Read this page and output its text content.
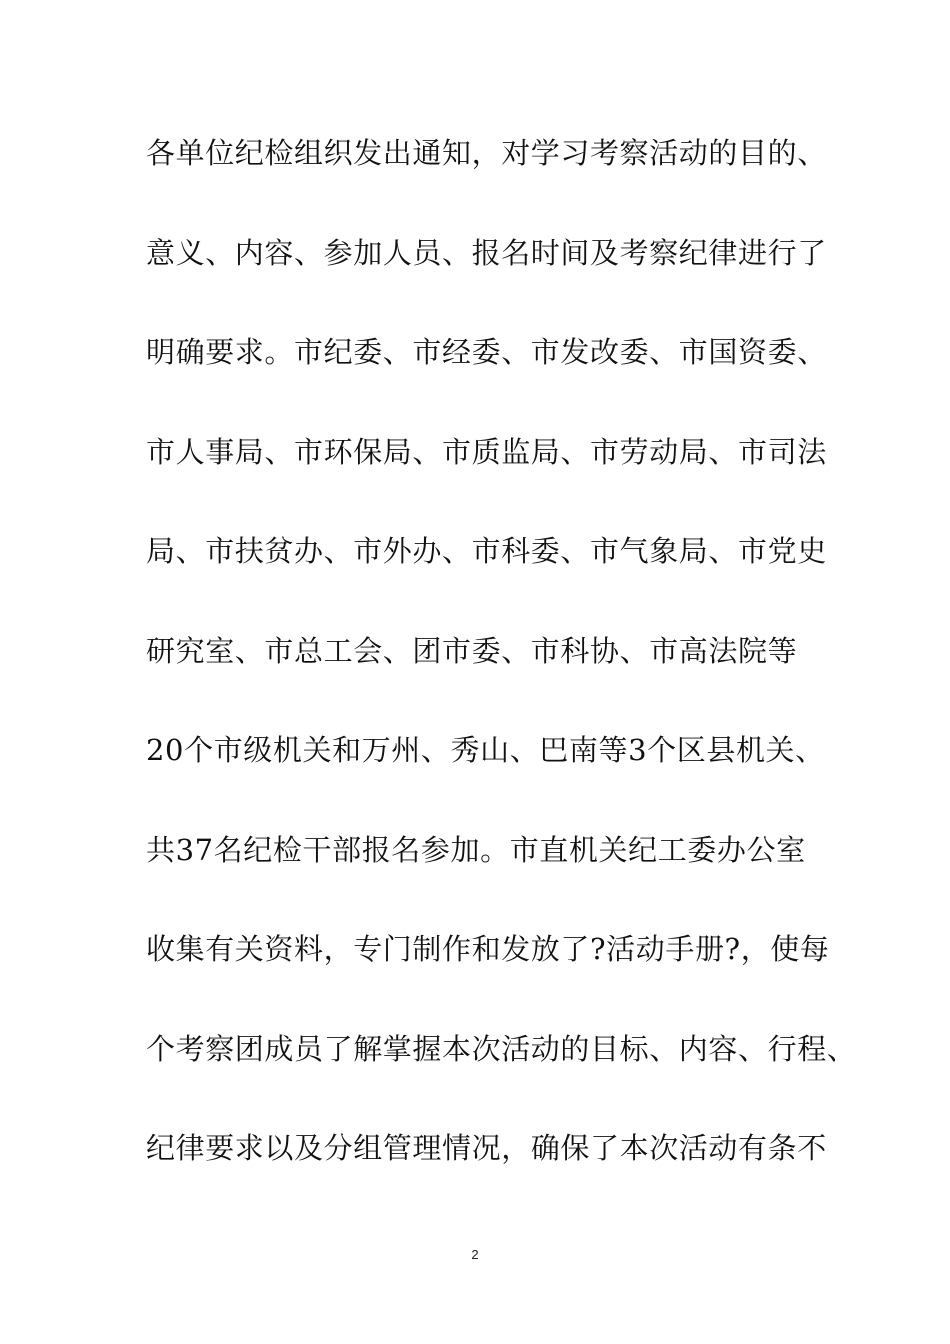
各单位纪检组织发出通知，对学习考察活动的目的、
意义、内容、参加人员、报名时间及考察纪律进行了
明确要求。市纪委、市经委、市发改委、市国资委、
市人事局、市环保局、市质监局、市劳动局、市司法
局、市扶贫办、市外办、市科委、市气象局、市党史
研究室、市总工会、团市委、市科协、市高法院等
20个市级机关和万州、秀山、巴南等3个区县机关、
共37名纪检干部报名参加。市直机关纪工委办公室
收集有关资料，专门制作和发放了?活动手册?，使每
个考察团成员了解掌握本次活动的目标、内容、行程、
纪律要求以及分组管理情况，确保了本次活动有条不
2
